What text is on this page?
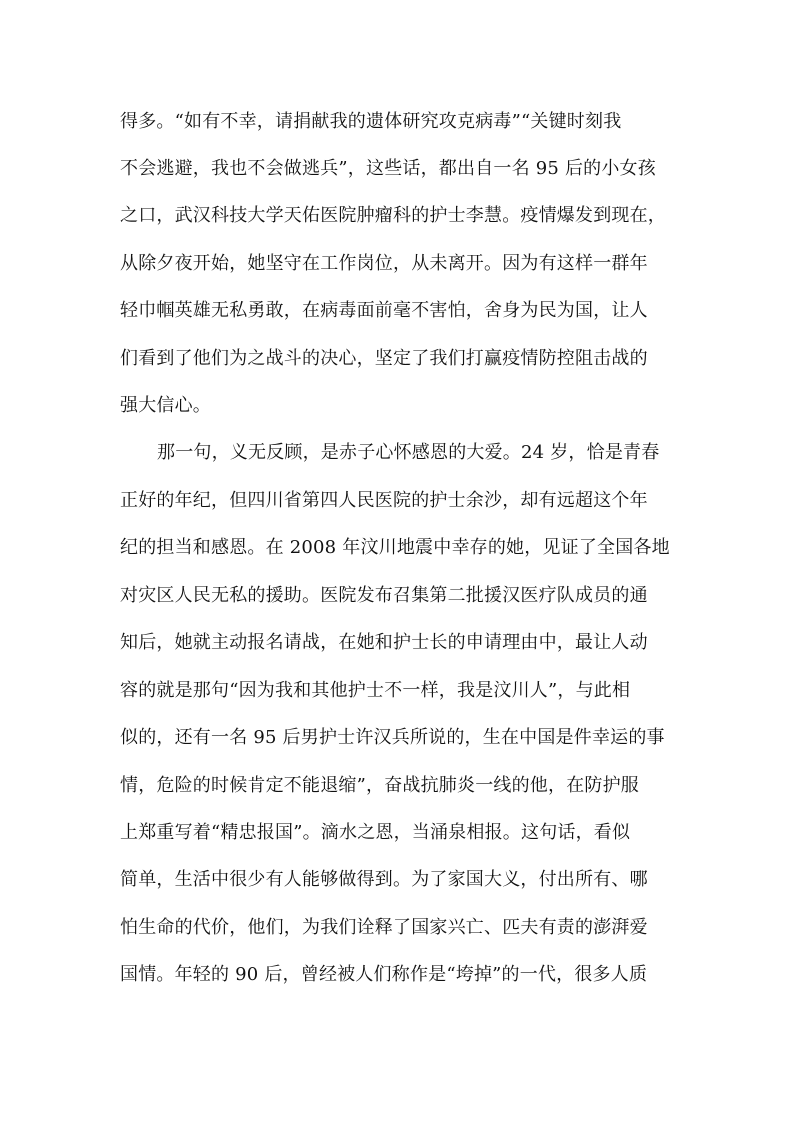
得多。“如有不幸，请捐献我的遗体研究攻克病毒”“关键时刻我
不会逃避，我也不会做逃兵”，这些话，都出自一名 95 后的小女孩
之口，武汉科技大学天佑医院肿瘤科的护士李慧。疫情爆发到现在，
从除夕夜开始，她坚守在工作岗位，从未离开。因为有这样一群年
轻巾帼英雄无私勇敢，在病毒面前毫不害怕，舍身为民为国，让人
们看到了他们为之战斗的决心，坚定了我们打赢疫情防控阻击战的
强大信心。
那一句，义无反顾，是赤子心怀感恩的大爱。24 岁，恰是青春
正好的年纪，但四川省第四人民医院的护士余沙，却有远超这个年
纪的担当和感恩。在 2008 年汶川地震中幸存的她，见证了全国各地
对灾区人民无私的援助。医院发布召集第二批援汉医疗队成员的通
知后，她就主动报名请战，在她和护士长的申请理由中，最让人动
容的就是那句“因为我和其他护士不一样，我是汶川人”，与此相
似的，还有一名 95 后男护士许汉兵所说的，生在中国是件幸运的事
情，危险的时候肯定不能退缩”，奋战抗肺炎一线的他，在防护服
上郑重写着“精忠报国”。滴水之恩，当涌泉相报。这句话，看似
简单，生活中很少有人能够做得到。为了家国大义，付出所有、哪
怕生命的代价，他们，为我们诠释了国家兴亡、匹夫有责的澎湃爱
国情。年轻的 90 后，曾经被人们称作是“垮掉”的一代，很多人质
